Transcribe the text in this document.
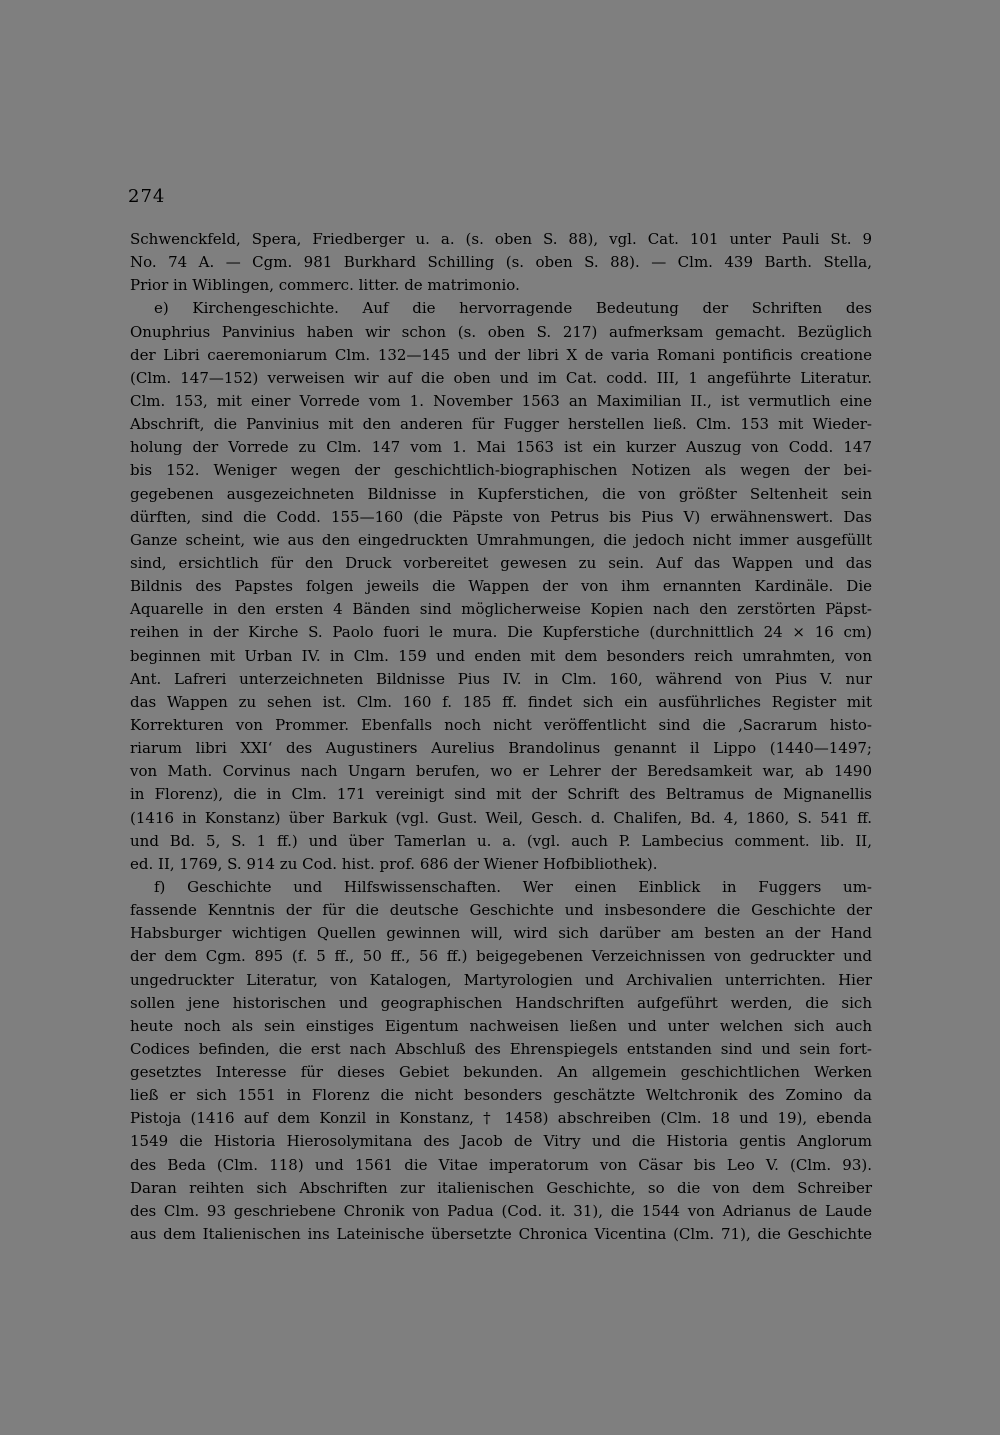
274
Schwenckfeld, Spera, Friedberger u. a. (s. oben S. 88), vgl. Cat. 101 unter Pauli St. 9
No. 74 A. — Cgm. 981 Burkhard Schilling (s. oben S. 88). — Clm. 439 Barth. Stella,
Prior in Wiblingen, commerc. litter. de matrimonio.
e) Kirchengeschichte. Auf die hervorragende Bedeutung der Schriften des
Onuphrius Panvinius haben wir schon (s. oben S. 217) aufmerksam gemacht. Bezüglich
der Libri caeremoniarum Clm. 132—145 und der libri X de varia Romani pontificis creatione
(Clm. 147—152) verweisen wir auf die oben und im Cat. codd. III, 1 angeführte Literatur.
Clm. 153, mit einer Vorrede vom 1. November 1563 an Maximilian II., ist vermutlich eine
Abschrift, die Panvinius mit den anderen für Fugger herstellen ließ. Clm. 153 mit Wieder-
holung der Vorrede zu Clm. 147 vom 1. Mai 1563 ist ein kurzer Auszug von Codd. 147
bis 152. Weniger wegen der geschichtlich-biographischen Notizen als wegen der bei-
gegebenen ausgezeichneten Bildnisse in Kupferstichen, die von größter Seltenheit sein
dürften, sind die Codd. 155—160 (die Päpste von Petrus bis Pius V) erwähnenswert. Das
Ganze scheint, wie aus den eingedruckten Umrahmungen, die jedoch nicht immer ausgefüllt
sind, ersichtlich für den Druck vorbereitet gewesen zu sein. Auf das Wappen und das
Bildnis des Papstes folgen jeweils die Wappen der von ihm ernannten Kardinäle. Die
Aquarelle in den ersten 4 Bänden sind möglicherweise Kopien nach den zerstörten Päpst-
reihen in der Kirche S. Paolo fuori le mura. Die Kupferstiche (durchnittlich 24 × 16 cm)
beginnen mit Urban IV. in Clm. 159 und enden mit dem besonders reich umrahmten, von
Ant. Lafreri unterzeichneten Bildnisse Pius IV. in Clm. 160, während von Pius V. nur
das Wappen zu sehen ist. Clm. 160 f. 185 ff. findet sich ein ausführliches Register mit
Korrekturen von Prommer. Ebenfalls noch nicht veröffentlicht sind die ‚Sacrarum histo-
riarum libri XXI‘ des Augustiners Aurelius Brandolinus genannt il Lippo (1440—1497;
von Math. Corvinus nach Ungarn berufen, wo er Lehrer der Beredsamkeit war, ab 1490
in Florenz), die in Clm. 171 vereinigt sind mit der Schrift des Beltramus de Mignanellis
(1416 in Konstanz) über Barkuk (vgl. Gust. Weil, Gesch. d. Chalifen, Bd. 4, 1860, S. 541 ff.
und Bd. 5, S. 1 ff.) und über Tamerlan u. a. (vgl. auch P. Lambecius comment. lib. II,
ed. II, 1769, S. 914 zu Cod. hist. prof. 686 der Wiener Hofbibliothek).
f) Geschichte und Hilfswissenschaften. Wer einen Einblick in Fuggers um-
fassende Kenntnis der für die deutsche Geschichte und insbesondere die Geschichte der
Habsburger wichtigen Quellen gewinnen will, wird sich darüber am besten an der Hand
der dem Cgm. 895 (f. 5 ff., 50 ff., 56 ff.) beigegebenen Verzeichnissen von gedruckter und
ungedruckter Literatur, von Katalogen, Martyrologien und Archivalien unterrichten. Hier
sollen jene historischen und geographischen Handschriften aufgeführt werden, die sich
heute noch als sein einstiges Eigentum nachweisen ließen und unter welchen sich auch
Codices befinden, die erst nach Abschluß des Ehrenspiegels entstanden sind und sein fort-
gesetztes Interesse für dieses Gebiet bekunden. An allgemein geschichtlichen Werken
ließ er sich 1551 in Florenz die nicht besonders geschätzte Weltchronik des Zomino da
Pistoja (1416 auf dem Konzil in Konstanz, † 1458) abschreiben (Clm. 18 und 19), ebenda
1549 die Historia Hierosolymitana des Jacob de Vitry und die Historia gentis Anglorum
des Beda (Clm. 118) und 1561 die Vitae imperatorum von Cäsar bis Leo V. (Clm. 93).
Daran reihten sich Abschriften zur italienischen Geschichte, so die von dem Schreiber
des Clm. 93 geschriebene Chronik von Padua (Cod. it. 31), die 1544 von Adrianus de Laude
aus dem Italienischen ins Lateinische übersetzte Chronica Vicentina (Clm. 71), die Geschichte
